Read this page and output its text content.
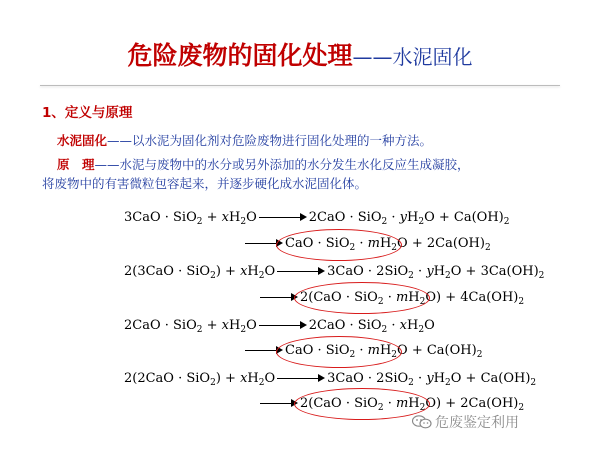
危险废物的固化处理——水泥固化
1、定义与原理
水泥固化——以水泥为固化剂对危险废物进行固化处理的一种方法。
原　理——水泥与废物中的水分或另外添加的水分发生水化反应生成凝胶，
将废物中的有害微粒包容起来，并逐步硬化成水泥固化体。
$3CaO \cdot SiO_2 + xH_2O$	$2CaO \cdot SiO_2 \cdot yH_2O + Ca(OH)_2$
CaO · $SiO_2 \cdot mH_2O + 2Ca(OH)_2$
$2(3CaO \cdot SiO_2) + xH_2O$	$3CaO \cdot 2SiO_2 \cdot yH_2O + 3Ca(OH)_2$
$2(CaO \cdot SiO_2 \cdot mH_2O) + 4Ca(OH)_2$
$2CaO \cdot SiO_2 + xH_2O$	$2CaO \cdot SiO_2 \cdot xH_2O$
CaO · $SiO_2 \cdot mH_2O + Ca(OH)_2$
$2(2CaO \cdot SiO_2) + xH_2O$	$3CaO \cdot 2SiO_2 \cdot yH_2O + Ca(OH)_2$
$2(CaO \cdot SiO_2 \cdot mH_2O) + 2Ca(OH)_2$
危废鉴定利用
